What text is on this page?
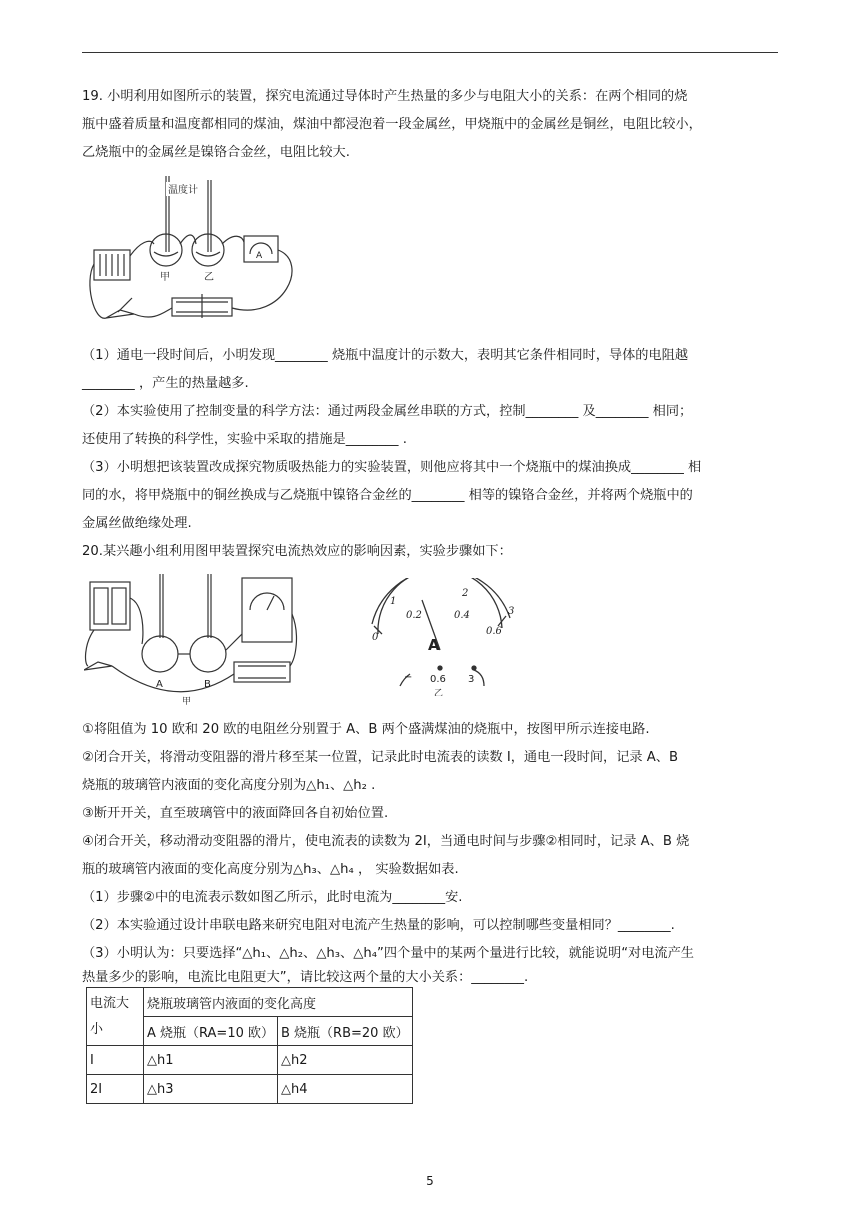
19. 小明利用如图所示的装置，探究电流通过导体时产生热量的多少与电阻大小的关系：在两个相同的烧
瓶中盛着质量和温度都相同的煤油，煤油中都浸泡着一段金属丝，甲烧瓶中的金属丝是铜丝，电阻比较小，
乙烧瓶中的金属丝是镍铬合金丝，电阻比较大.
温度计
甲	乙
A
（1）通电一段时间后，小明发现________ 烧瓶中温度计的示数大，表明其它条件相同时，导体的电阻越
________ ，产生的热量越多.
（2）本实验使用了控制变量的科学方法：通过两段金属丝串联的方式，控制________ 及________ 相同；
还使用了转换的科学性，实验中采取的措施是________ .
（3）小明想把该装置改成探究物质吸热能力的实验装置，则他应将其中一个烧瓶中的煤油换成________ 相
同的水，将甲烧瓶中的铜丝换成与乙烧瓶中镍铬合金丝的________ 相等的镍铬合金丝，并将两个烧瓶中的
金属丝做绝缘处理.
20.某兴趣小组利用图甲装置探究电流热效应的影响因素，实验步骤如下：
A	B
甲
0
0.2	0.4
0.6
1
2
3
A
− 0.6 3
乙
①将阻值为 10 欧和 20 欧的电阻丝分别置于 A、B 两个盛满煤油的烧瓶中，按图甲所示连接电路.
②闭合开关，将滑动变阻器的滑片移至某一位置，记录此时电流表的读数 I，通电一段时间，记录 A、B
烧瓶的玻璃管内液面的变化高度分别为△h₁、△h₂ .
③断开开关，直至玻璃管中的液面降回各自初始位置.
④闭合开关，移动滑动变阻器的滑片，使电流表的读数为 2I，当通电时间与步骤②相同时，记录 A、B 烧
瓶的玻璃管内液面的变化高度分别为△h₃、△h₄ ， 实验数据如表.
（1）步骤②中的电流表示数如图乙所示，此时电流为________安.
（2）本实验通过设计串联电路来研究电阻对电流产生热量的影响，可以控制哪些变量相同？________.
（3）小明认为：只要选择“△h₁、△h₂、△h₃、△h₄”四个量中的某两个量进行比较，就能说明“对电流产生
热量多少的影响，电流比电阻更大”，请比较这两个量的大小关系：________.
电流大
小	烧瓶玻璃管内液面的变化高度	
	A 烧瓶（RA=10 欧）	B 烧瓶（RB=20 欧）
I	△h1	△h2
2I	△h3	△h4
5
